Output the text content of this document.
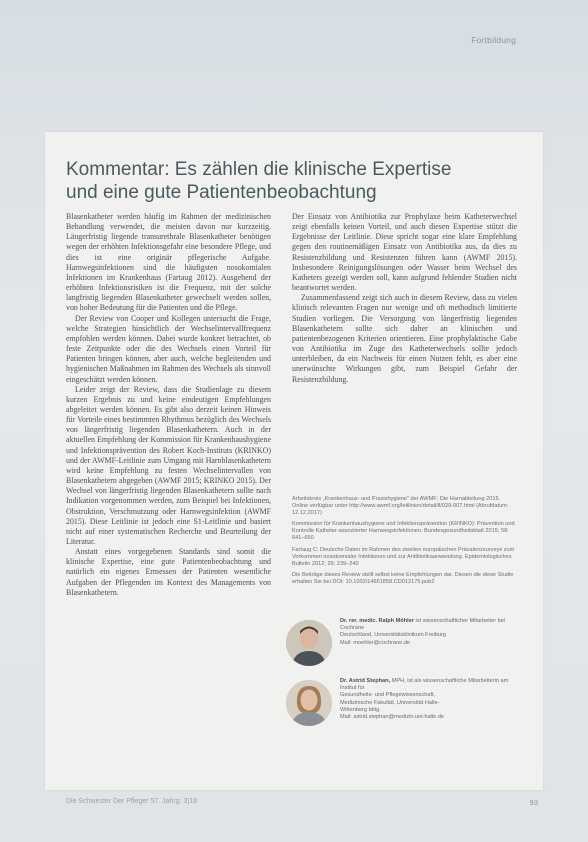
Fortbildung
Kommentar: Es zählen die klinische Expertise
und eine gute Patientenbeobachtung

Blasenkatheter werden häufig im Rahmen der medizinischen Behandlung verwendet, die meisten davon nur kurzzeitig. Längerfristig liegende transurethrale Blasenkatheter benötigen wegen der erhöhten Infektionsgefahr eine besondere Pflege, und dies ist eine originär pflegerische Aufgabe. Harnwegsinfektionen sind die häufigsten nosokomialen Infektionen im Krankenhaus (Fartaug 2012). Ausgehend der erhöhten Infektionsrisiken ist die Frequenz, mit der solche langfristig liegenden Blasenkatheter gewechselt werden sollen, von hoher Bedeutung für die Patienten und die Pflege.

Der Review von Cooper und Kollegen untersucht die Frage, welche Strategien hinsichtlich der Wechselintervallfrequenz empfohlen werden können. Dabei wurde konkret betrachtet, ob feste Zeitpunkte oder die des Wechsels einen Vorteil für Patienten bringen können, aber auch, welche begleitenden und hygienischen Maßnahmen im Rahmen des Wechsels als sinnvoll eingeschätzt werden können.

Leider zeigt der Review, dass die Studienlage zu diesem kurzen Ergebnis zu und keine eindeutigen Empfehlungen abgeleitet werden können. Es gibt also derzeit keinen Hinweis für Vorteile eines bestimmten Rhythmus bezüglich des Wechsels von längerfristig liegenden Blasenkathetern. Auch in der aktuellen Empfehlung der Kommission für Krankenhaushygiene und Infektionsprävention des Robert Koch-Instituts (KRINKO) und der AWMF-Leitlinie zum Umgang mit Harnblasenkathetern wird keine Empfehlung zu festen Wechselintervallen von Blasenkathetern abgegeben (AWMF 2015; KRINKO 2015). Der Wechsel von längerfristig liegenden Blasenkathetern sollte nach Indikation vorgenommen werden, zum Beispiel bei Infektionen, Obstruktion, Verschmutzung oder Harnwegsinfektion (AWMF 2015). Diese Leitlinie ist jedoch eine S1-Leitlinie und basiert nicht auf einer systematischen Recherche und Beurteilung der Literatur.

Anstatt eines vorgegebenen Standards sind somit die klinische Expertise, eine gute Patientenbeobachtung und natürlich ein eigenes Ermessen der Patienten wesentliche Aufgaben der Pflegenden im Kontext des Managements von Blasenkathetern.

Der Einsatz von Antibiotika zur Prophylaxe beim Katheterwechsel zeigt ebenfalls keinen Vorteil, und auch diesen Expertise stützt die Ergebnisse der Leitlinie. Diese spricht sogar eine klare Empfehlung gegen den routinemäßigen Einsatz von Antibiotika aus, da dies zu Resistenzbildung und Resistenzen führen kann (AWMF 2015). Insbesondere Reinigungslösungen oder Wasser beim Wechsel des Katheters gezeigt werden soll, kann aufgrund fehlender Studien nicht beantwortet werden.

Zusammenfassend zeigt sich auch in diesem Review, dass zu vielen klinisch relevanten Fragen nur wenige und oft methodisch limitierte Studien vorliegen. Die Versorgung von längerfristig liegenden Blasenkathetern sollte sich daher an klinischen und patientenbezogenen Kriterien orientieren. Eine prophylaktische Gabe von Antibiotika im Zuge des Katheterwechsels sollte jedoch unterbleiben, da ein Nachweis für einen Nutzen fehlt, es aber eine unerwünschte Wirkungen gibt, zum Beispiel Gefahr der Resistenzbildung.

Arbeitskreis „Krankenhaus- und Praxishygiene“ der AWMF: Die Harnableitung 2015. Online verfügbar unter http://www.awmf.org/leitlinien/detail/ll/029-007.html (Abrufdatum: 12.12.2017)

Kommission für Krankenhaushygiene und Infektionsprävention (KRINKO): Prävention und Kontrolle Katheter-assoziierter Harnwegsinfektionen. Bundesgesundheitsblatt 2015; 58: 641–650

Fartaug C: Deutsche Daten im Rahmen des zweiten europäischen Prävalenzsurveys zum Vorkommen nosokomialer Infektionen und zur Antibiotikaanwendung. Epidemiologisches Bulletin 2012; 26: 239–240

Die Beiträge dieses Review stellt selbst keine Empfehlungen dar. Diesen die diese Studie erhalten Sie bei DOI: 10.1002/14651858.CD012175.pub2

Dr. rer. medic. Ralph Möhler ist wissenschaftlicher Mitarbeiter bei Cochrane
Deutschland, Universitätsklinikum Freiburg
Mail: moehler@cochrane.de
Dr. Astrid Stephan, MPH, ist als wissenschaftliche Mitarbeiterin am Institut für
Gesundheits- und Pflegewissenschaft,
Medizinische Fakultät, Universität Halle-
Wittenberg tätig.
Mail: astrid.stephan@medizin.uni-halle.de
Die Schwester Der Pfleger 57. Jahrg. 3|18	93
